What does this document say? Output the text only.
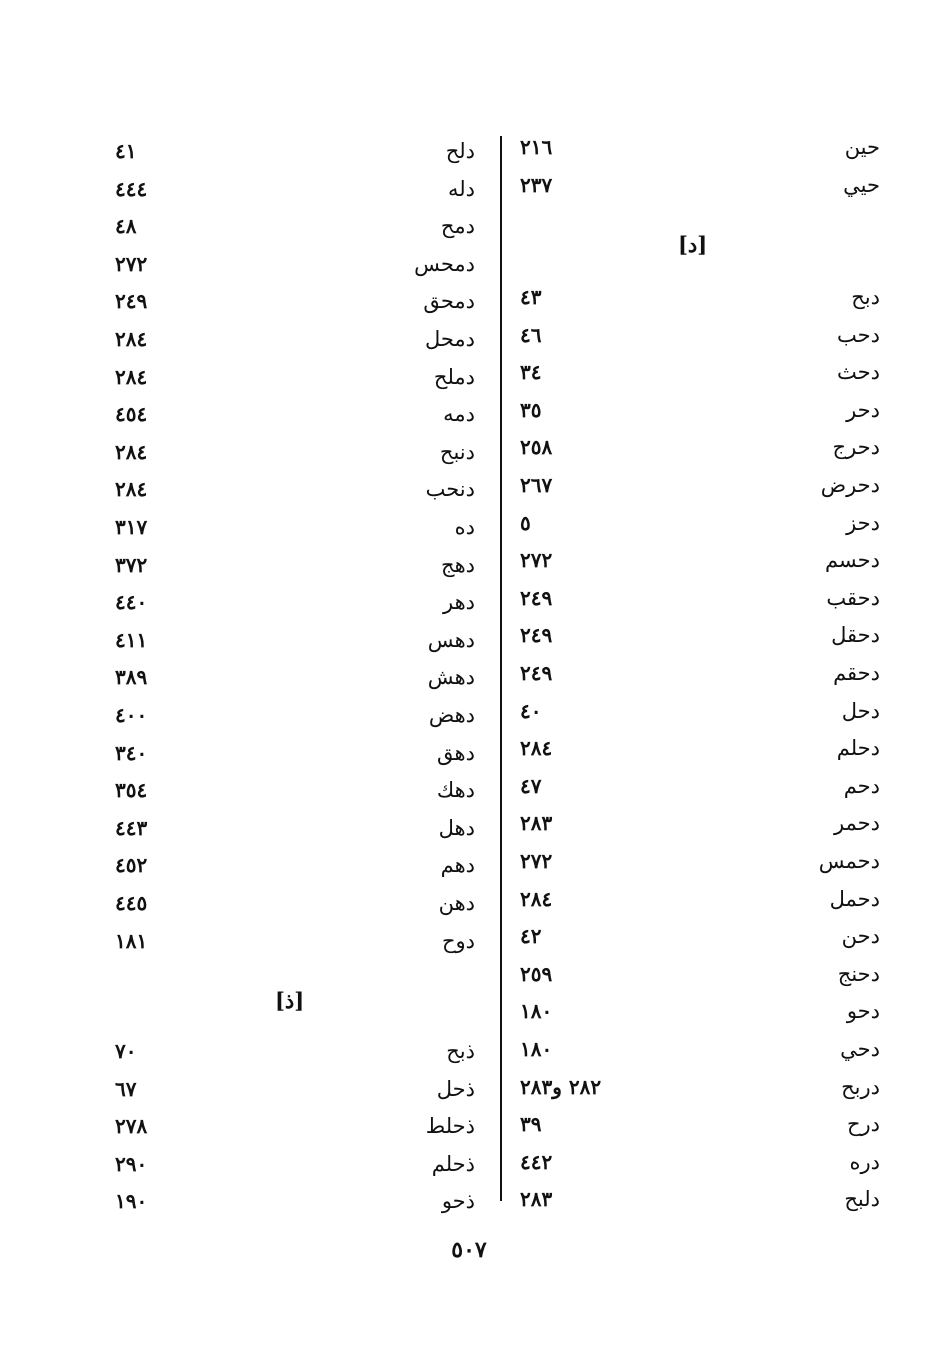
حين
٢١٦
حيي
٢٣٧
[د]
دبح
٤٣
دحب
٤٦
دحث
٣٤
دحر
٣٥
دحرج
٢٥٨
دحرض
٢٦٧
دحز
٥
دحسم
٢٧٢
دحقب
٢٤٩
دحقل
٢٤٩
دحقم
٢٤٩
دحل
٤٠
دحلم
٢٨٤
دحم
٤٧
دحمر
٢٨٣
دحمس
٢٧٢
دحمل
٢٨٤
دحن
٤٢
دحنج
٢٥٩
دحو
١٨٠
دحي
١٨٠
دربح
٢٨٢ و٢٨٣
درح
٣٩
دره
٤٤٢
دلبح
٢٨٣
دلح
٤١
دله
٤٤٤
دمح
٤٨
دمحس
٢٧٢
دمحق
٢٤٩
دمحل
٢٨٤
دملح
٢٨٤
دمه
٤٥٤
دنبح
٢٨٤
دنحب
٢٨٤
ده
٣١٧
دهج
٣٧٢
دهر
٤٤٠
دهس
٤١١
دهش
٣٨٩
دهض
٤٠٠
دهق
٣٤٠
دهك
٣٥٤
دهل
٤٤٣
دهم
٤٥٢
دهن
٤٤٥
دوح
١٨١
[ذ]
ذبح
٧٠
ذحل
٦٧
ذحلط
٢٧٨
ذحلم
٢٩٠
ذحو
١٩٠
٥٠٧
